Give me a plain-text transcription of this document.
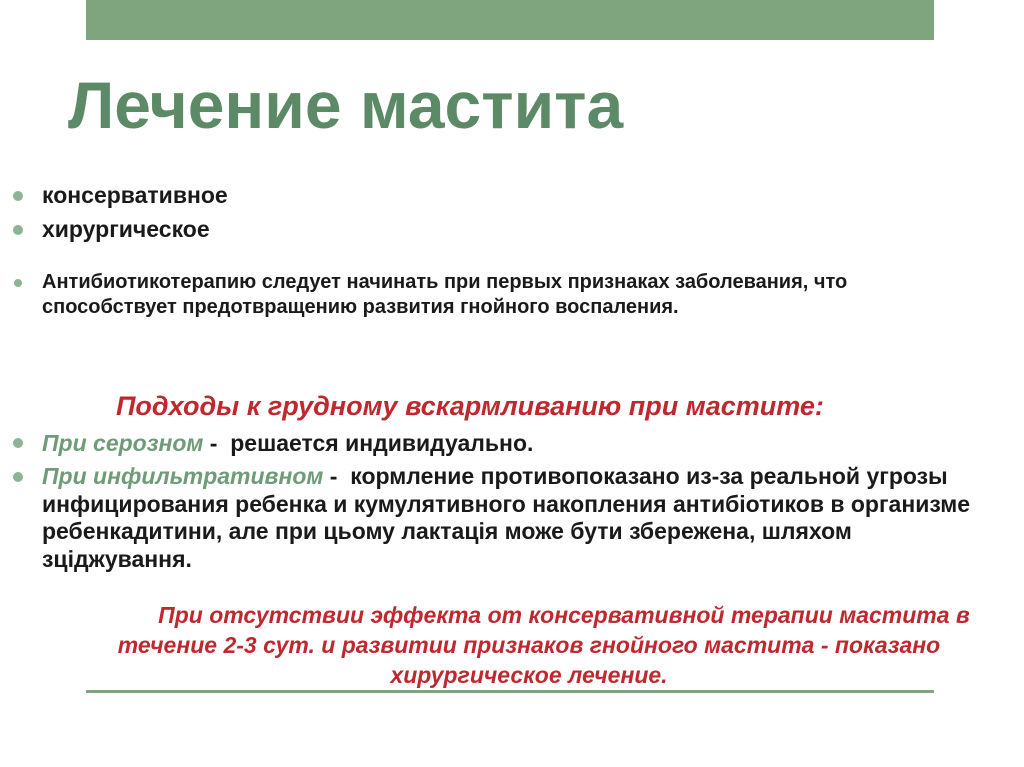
Лечение мастита
консервативное
хирургическое
Антибиотикотерапию следует начинать при первых признаках заболевания, что способствует предотвращению развития гнойного воспаления.
Подходы к грудному вскармливанию при мастите:
При серозном -  решается индивидуально.
При инфильтративном -  кормление противопоказано из-за реальной угрозы инфицирования ребенка и кумулятивного накопления антибiотиков в организме ребенкадитини, але при цьому лактація може бути збережена, шляхом зціджування.

При отсутствии эффекта от консервативной терапии мастита в течение 2-3 сут. и развитии признаков гнойного мастита - показано хирургическое лечение.
